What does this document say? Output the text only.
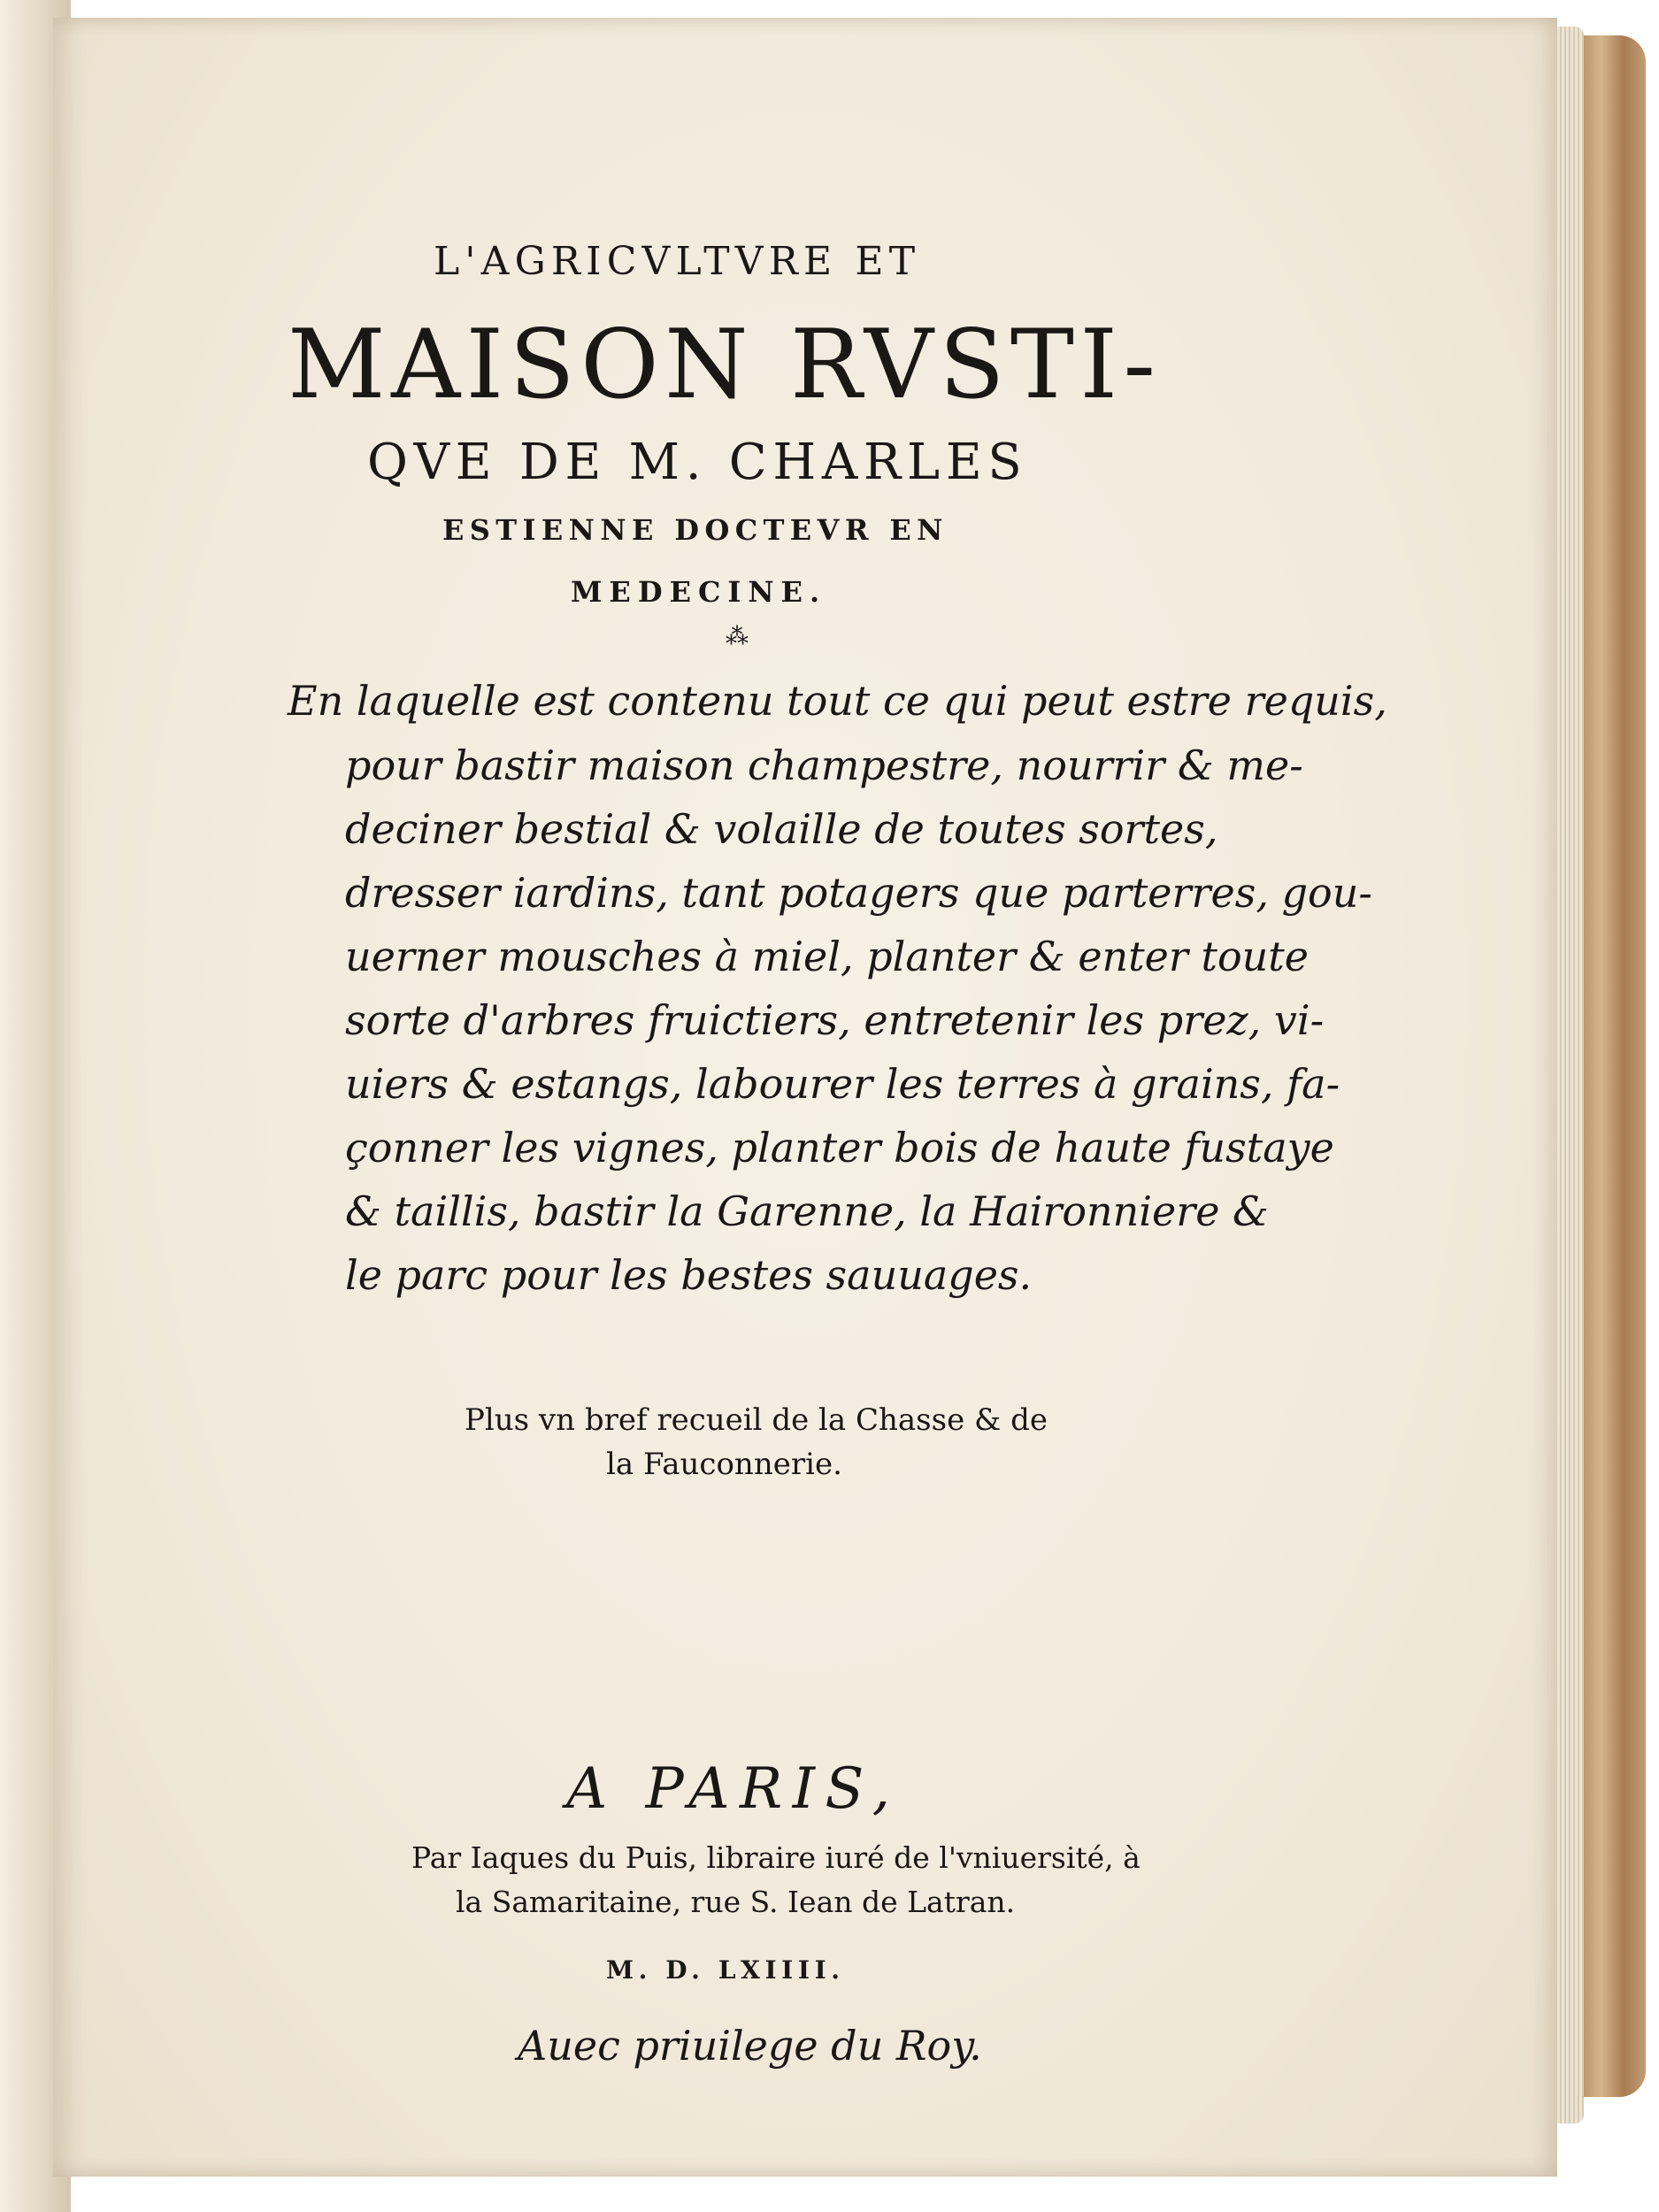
L'AGRICVLTVRE ET
MAISON RVSTI-
QVE DE M. CHARLES
ESTIENNE DOCTEVR EN
MEDECINE.
⁂
En laquelle est contenu tout ce qui peut estre requis,
pour bastir maison champestre, nourrir & me-
deciner bestial & volaille de toutes sortes,
dresser iardins, tant potagers que parterres, gou-
uerner mousches à miel, planter & enter toute
sorte d'arbres fruictiers, entretenir les prez, vi-
uiers & estangs, labourer les terres à grains, fa-
çonner les vignes, planter bois de haute fustaye
& taillis, bastir la Garenne, la Haironniere &
le parc pour les bestes sauuages.
Plus vn bref recueil de la Chasse & de
la Fauconnerie.
A PARIS,
Par Iaques du Puis, libraire iuré de l'vniuersité, à
la Samaritaine, rue S. Iean de Latran.
M. D. LXIIII.
Auec priuilege du Roy.
